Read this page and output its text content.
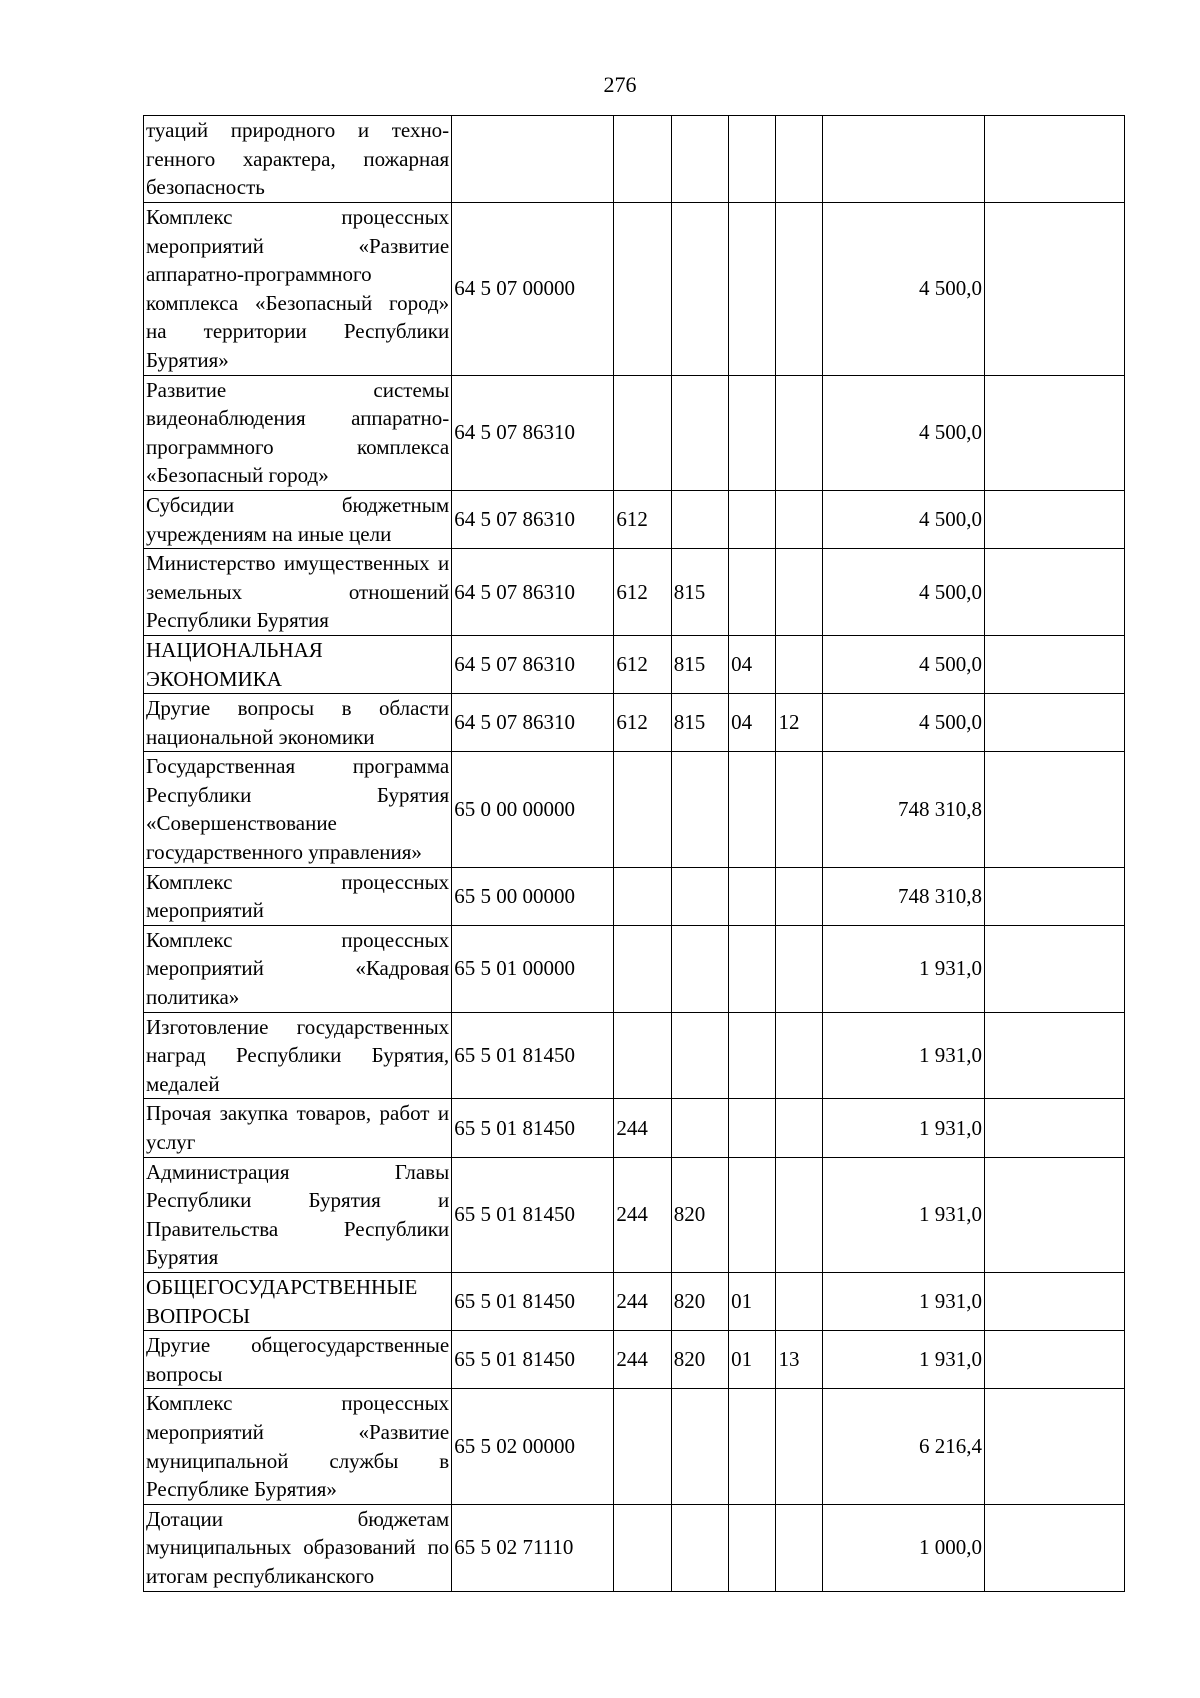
276
туаций природного и техно-генного характера, пожарная безопасность							
Комплекс процессных мероприятий «Развитие аппаратно-программного комплекса «Безопасный город» на территории Республики Бурятия»	64 5 07 00000					4 500,0	
Развитие системы видеонаблюдения аппаратно-программного комплекса «Безопасный город»	64 5 07 86310					4 500,0	
Субсидии бюджетным учреждениям на иные цели	64 5 07 86310	612				4 500,0	
Министерство имущественных и земельных отношений Республики Бурятия	64 5 07 86310	612	815			4 500,0	
НАЦИОНАЛЬНАЯ ЭКОНОМИКА	64 5 07 86310	612	815	04		4 500,0	
Другие вопросы в области национальной экономики	64 5 07 86310	612	815	04	12	4 500,0	
Государственная программа Республики Бурятия «Совершенствование государственного управления»	65 0 00 00000					748 310,8	
Комплекс процессных мероприятий	65 5 00 00000					748 310,8	
Комплекс процессных мероприятий «Кадровая политика»	65 5 01 00000					1 931,0	
Изготовление государственных наград Республики Бурятия, медалей	65 5 01 81450					1 931,0	
Прочая закупка товаров, работ и услуг	65 5 01 81450	244				1 931,0	
Администрация Главы Республики Бурятия и Правительства Республики Бурятия	65 5 01 81450	244	820			1 931,0	
ОБЩЕГОСУДАРСТВЕННЫЕ ВОПРОСЫ	65 5 01 81450	244	820	01		1 931,0	
Другие общегосударственные вопросы	65 5 01 81450	244	820	01	13	1 931,0	
Комплекс процессных мероприятий «Развитие муниципальной службы в Республике Бурятия»	65 5 02 00000					6 216,4	
Дотации бюджетам муниципальных образований по итогам республиканского	65 5 02 71110					1 000,0	
